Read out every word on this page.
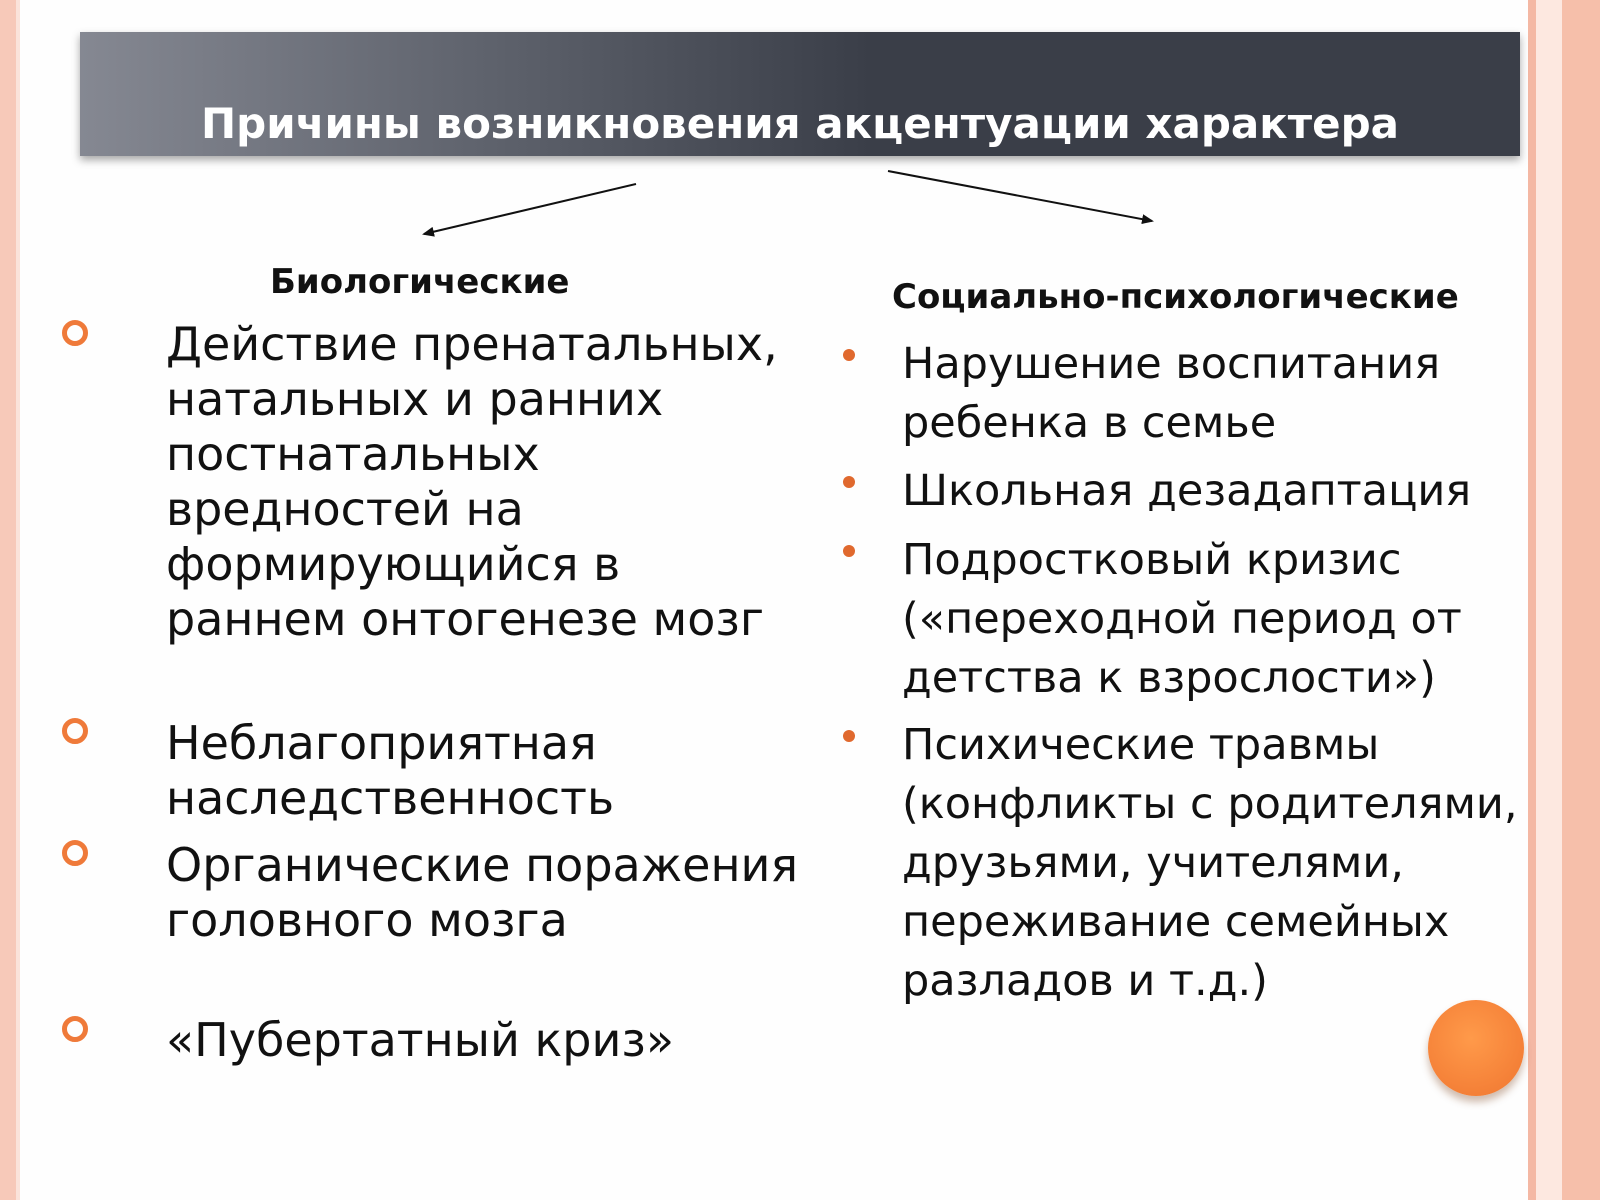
Причины возникновения акцентуации характера
Биологические	Социально-психологические
Действие пренатальных, натальных и ранних постнатальных вредностей на формирующийся в раннем онтогенезе мозг
Неблагоприятная наследственность
Органические поражения головного мозга
«Пубертатный криз»
Нарушение воспитания ребенка в семье
Школьная дезадаптация
Подростковый кризис («переходной период от детства к взрослости»)
Психические травмы (конфликты с родителями, друзьями, учителями, переживание семейных разладов и т.д.)
